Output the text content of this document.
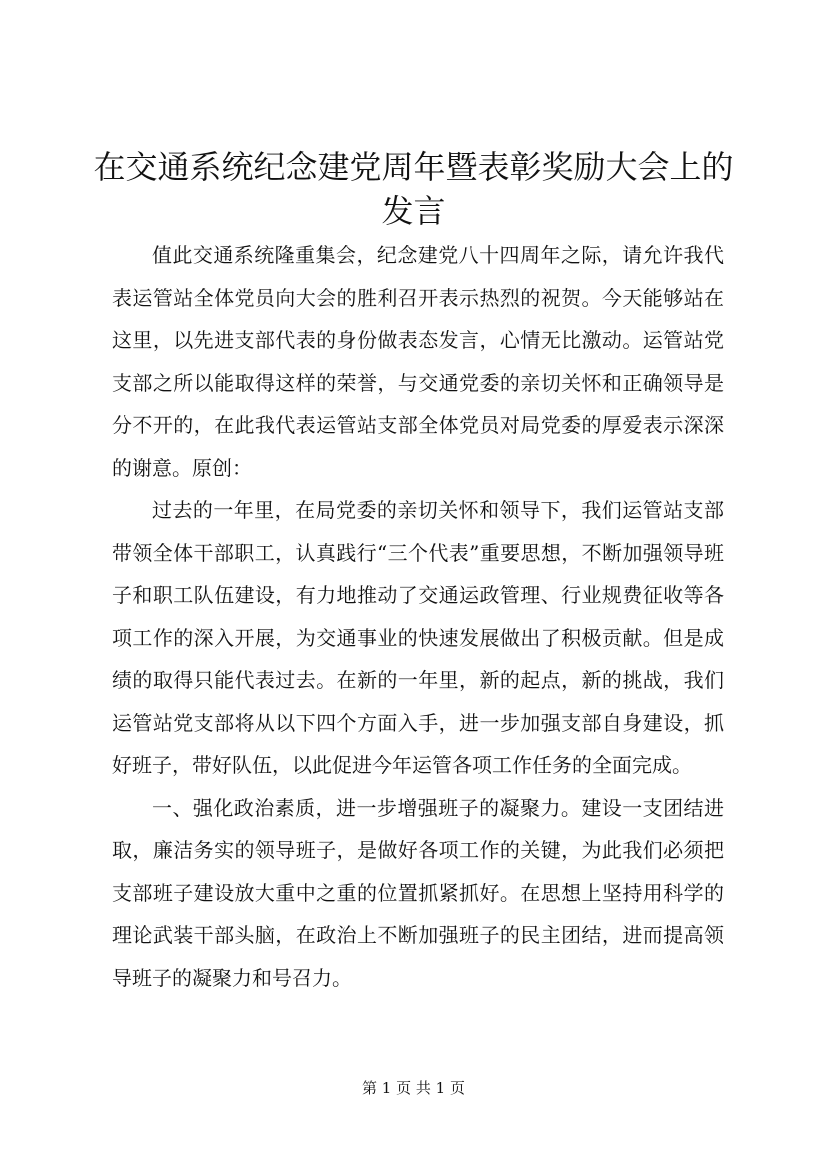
在交通系统纪念建党周年暨表彰奖励大会上的发言

值此交通系统隆重集会，纪念建党八十四周年之际，请允许我代表运管站全体党员向大会的胜利召开表示热烈的祝贺。今天能够站在这里，以先进支部代表的身份做表态发言，心情无比激动。运管站党支部之所以能取得这样的荣誉，与交通党委的亲切关怀和正确领导是分不开的，在此我代表运管站支部全体党员对局党委的厚爱表示深深的谢意。原创：

过去的一年里，在局党委的亲切关怀和领导下，我们运管站支部带领全体干部职工，认真践行“三个代表”重要思想，不断加强领导班子和职工队伍建设，有力地推动了交通运政管理、行业规费征收等各项工作的深入开展，为交通事业的快速发展做出了积极贡献。但是成绩的取得只能代表过去。在新的一年里，新的起点，新的挑战，我们运管站党支部将从以下四个方面入手，进一步加强支部自身建设，抓好班子，带好队伍，以此促进今年运管各项工作任务的全面完成。

一、强化政治素质，进一步增强班子的凝聚力。建设一支团结进取，廉洁务实的领导班子，是做好各项工作的关键，为此我们必须把支部班子建设放大重中之重的位置抓紧抓好。在思想上坚持用科学的理论武装干部头脑，在政治上不断加强班子的民主团结，进而提高领导班子的凝聚力和号召力。

第 1 页 共 1 页
